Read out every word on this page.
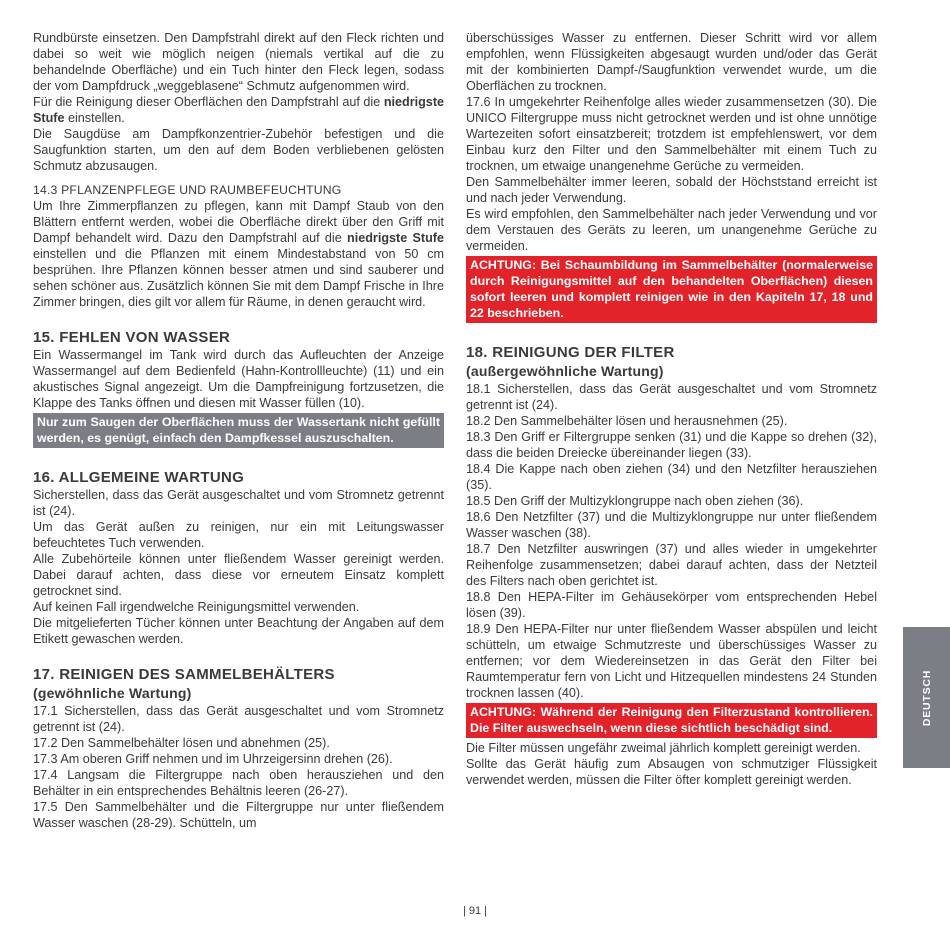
Rundbürste einsetzen. Den Dampfstrahl direkt auf den Fleck richten und dabei so weit wie möglich neigen (niemals vertikal auf die zu behandelnde Oberfläche) und ein Tuch hinter den Fleck legen, sodass der vom Dampfdruck „weggeblasene“ Schmutz aufgenommen wird.

Für die Reinigung dieser Oberflächen den Dampfstrahl auf die niedrigste Stufe einstellen.

Die Saugdüse am Dampfkonzentrier-Zubehör befestigen und die Saugfunktion starten, um den auf dem Boden verbliebenen gelösten Schmutz abzusaugen.

14.3 PFLANZENPFLEGE UND RAUMBEFEUCHTUNG

Um Ihre Zimmerpflanzen zu pflegen, kann mit Dampf Staub von den Blättern entfernt werden, wobei die Oberfläche direkt über den Griff mit Dampf behandelt wird. Dazu den Dampfstrahl auf die niedrigste Stufe einstellen und die Pflanzen mit einem Mindestabstand von 50 cm besprühen. Ihre Pflanzen können besser atmen und sind sauberer und sehen schöner aus. Zusätzlich können Sie mit dem Dampf Frische in Ihre Zimmer bringen, dies gilt vor allem für Räume, in denen geraucht wird.

15. FEHLEN VON WASSER

Ein Wassermangel im Tank wird durch das Aufleuchten der Anzeige Wassermangel auf dem Bedienfeld (Hahn-Kontrollleuchte) (11) und ein akustisches Signal angezeigt. Um die Dampfreinigung fortzusetzen, die Klappe des Tanks öffnen und diesen mit Wasser füllen (10).

Nur zum Saugen der Oberflächen muss der Wassertank nicht gefüllt werden, es genügt, einfach den Dampfkessel auszuschalten.
16. ALLGEMEINE WARTUNG

Sicherstellen, dass das Gerät ausgeschaltet und vom Stromnetz getrennt ist (24).

Um das Gerät außen zu reinigen, nur ein mit Leitungswasser befeuchtetes Tuch verwenden.

Alle Zubehörteile können unter fließendem Wasser gereinigt werden. Dabei darauf achten, dass diese vor erneutem Einsatz komplett getrocknet sind.

Auf keinen Fall irgendwelche Reinigungsmittel verwenden.

Die mitgelieferten Tücher können unter Beachtung der Angaben auf dem Etikett gewaschen werden.

17. REINIGEN DES SAMMELBEHÄLTERS
(gewöhnliche Wartung)

17.1 Sicherstellen, dass das Gerät ausgeschaltet und vom Stromnetz getrennt ist (24).

17.2 Den Sammelbehälter lösen und abnehmen (25).

17.3 Am oberen Griff nehmen und im Uhrzeigersinn drehen (26).

17.4 Langsam die Filtergruppe nach oben herausziehen und den Behälter in ein entsprechendes Behältnis leeren (26-27).

17.5 Den Sammelbehälter und die Filtergruppe nur unter fließendem Wasser waschen (28-29). Schütteln, um

überschüssiges Wasser zu entfernen. Dieser Schritt wird vor allem empfohlen, wenn Flüssigkeiten abgesaugt wurden und/oder das Gerät mit der kombinierten Dampf-/Saugfunktion verwendet wurde, um die Oberflächen zu trocknen.

17.6 In umgekehrter Reihenfolge alles wieder zusammensetzen (30). Die UNICO Filtergruppe muss nicht getrocknet werden und ist ohne unnötige Wartezeiten sofort einsatzbereit; trotzdem ist empfehlenswert, vor dem Einbau kurz den Filter und den Sammelbehälter mit einem Tuch zu trocknen, um etwaige unangenehme Gerüche zu vermeiden.

Den Sammelbehälter immer leeren, sobald der Höchststand erreicht ist und nach jeder Verwendung.

Es wird empfohlen, den Sammelbehälter nach jeder Verwendung und vor dem Verstauen des Geräts zu leeren, um unangenehme Gerüche zu vermeiden.

ACHTUNG: Bei Schaumbildung im Sammelbehälter (normalerweise durch Reinigungsmittel auf den behandelten Oberflächen) diesen sofort leeren und komplett reinigen wie in den Kapiteln 17, 18 und 22 beschrieben.
18. REINIGUNG DER FILTER
(außergewöhnliche Wartung)

18.1 Sicherstellen, dass das Gerät ausgeschaltet und vom Stromnetz getrennt ist (24).

18.2 Den Sammelbehälter lösen und herausnehmen (25).

18.3 Den Griff er Filtergruppe senken (31) und die Kappe so drehen (32), dass die beiden Dreiecke übereinander liegen (33).

18.4 Die Kappe nach oben ziehen (34) und den Netzfilter herausziehen (35).

18.5 Den Griff der Multizyklongruppe nach oben ziehen (36).

18.6 Den Netzfilter (37) und die Multizyklongruppe nur unter fließendem Wasser waschen (38).

18.7 Den Netzfilter auswringen (37) und alles wieder in umgekehrter Reihenfolge zusammensetzen; dabei darauf achten, dass der Netzteil des Filters nach oben gerichtet ist.

18.8 Den HEPA-Filter im Gehäusekörper vom entsprechenden Hebel lösen (39).

18.9 Den HEPA-Filter nur unter fließendem Wasser abspülen und leicht schütteln, um etwaige Schmutzreste und überschüssiges Wasser zu entfernen; vor dem Wiedereinsetzen in das Gerät den Filter bei Raumtemperatur fern von Licht und Hitzequellen mindestens 24 Stunden trocknen lassen (40).

ACHTUNG: Während der Reinigung den Filterzustand kontrollieren. Die Filter auswechseln, wenn diese sichtlich beschädigt sind.

Die Filter müssen ungefähr zweimal jährlich komplett gereinigt werden.

Sollte das Gerät häufig zum Absaugen von schmutziger Flüssigkeit verwendet werden, müssen die Filter öfter komplett gereinigt werden.

DEUTSCH
| 91 |
